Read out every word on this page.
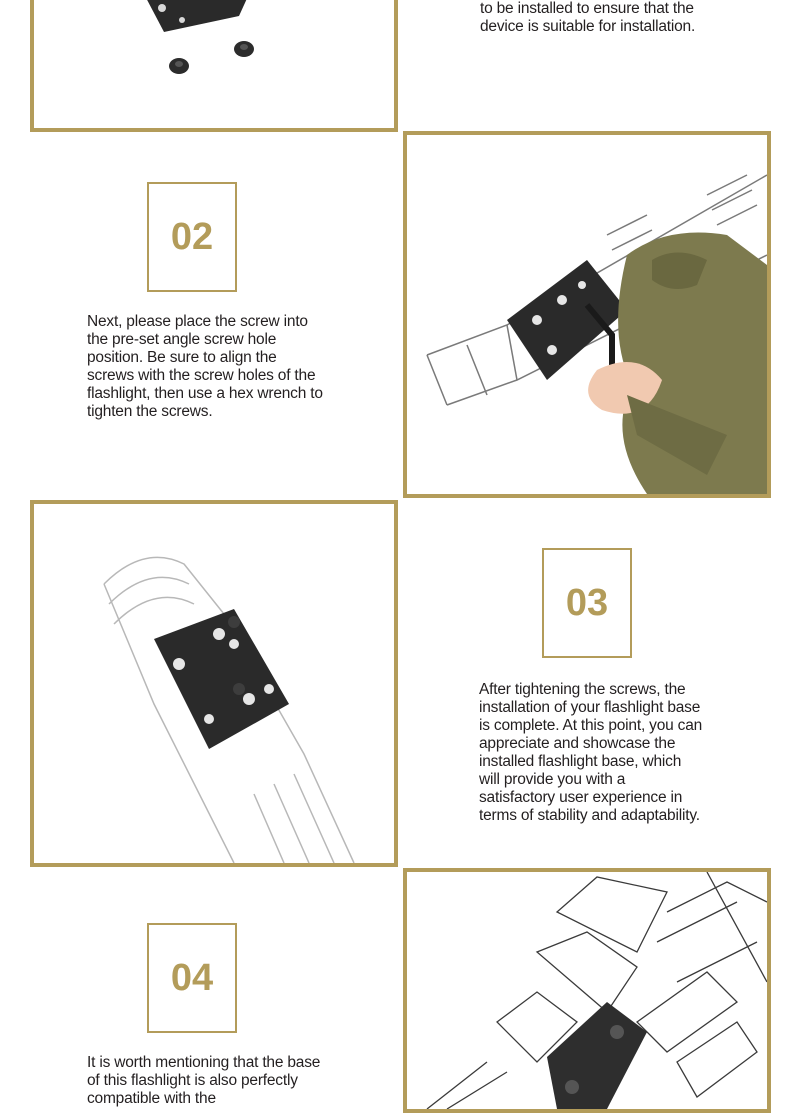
to be installed to ensure that the device is suitable for installation.

02

Next, please place the screw into the pre-set angle screw hole position. Be sure to align the screws with the screw holes of the flashlight, then use a hex wrench to tighten the screws.

03

After tightening the screws, the installation of your flashlight base is complete. At this point, you can appreciate and showcase the installed flashlight base, which will provide you with a satisfactory user experience in terms of stability and adaptability.

04

It is worth mentioning that the base of this flashlight is also perfectly compatible with the
